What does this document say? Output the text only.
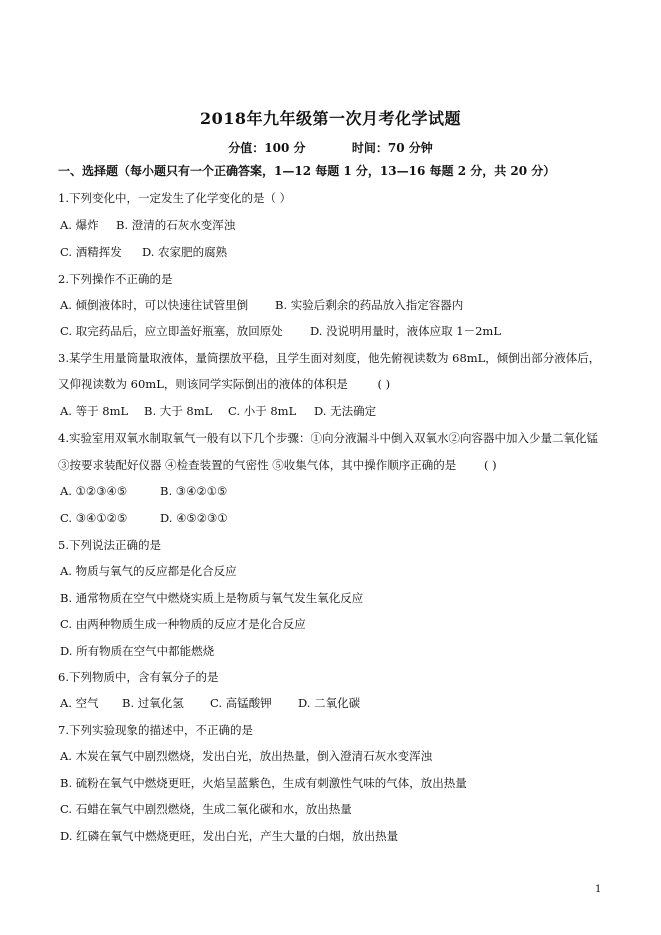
2018年九年级第一次月考化学试题
分值：100 分	时间：70 分钟
一、选择题（每小题只有一个正确答案，1—12 每题 1 分，13—16 每题 2 分，共 20 分）
1.下列变化中，一定发生了化学变化的是（ ）
A. 爆炸 B. 澄清的石灰水变浑浊
C. 酒精挥发 D. 农家肥的腐熟
2.下列操作不正确的是
A. 倾倒液体时，可以快速往试管里倒 B. 实验后剩余的药品放入指定容器内
C. 取完药品后，应立即盖好瓶塞，放回原处 D. 没说明用量时，液体应取 1－2mL
3.某学生用量筒量取液体，量筒摆放平稳，且学生面对刻度，他先俯视读数为 68mL，倾倒出部分液体后，
又仰视读数为 60mL，则该同学实际倒出的液体的体积是	( )
A. 等于 8mL B. 大于 8mL C. 小于 8mL D. 无法确定
4.实验室用双氧水制取氧气一般有以下几个步骤：①向分液漏斗中倒入双氧水②向容器中加入少量二氧化锰
③按要求装配好仪器 ④检查装置的气密性 ⑤收集气体，其中操作顺序正确的是 ( )
A. ①②③④⑤	B. ③④②①⑤
C. ③④①②⑤	D. ④⑤②③①
5.下列说法正确的是
A. 物质与氧气的反应都是化合反应
B. 通常物质在空气中燃烧实质上是物质与氧气发生氧化反应
C. 由两种物质生成一种物质的反应才是化合反应
D. 所有物质在空气中都能燃烧
6.下列物质中，含有氧分子的是
A. 空气 B. 过氧化氢 C. 高锰酸钾 D. 二氧化碳
7.下列实验现象的描述中，不正确的是
A. 木炭在氧气中剧烈燃烧，发出白光，放出热量，倒入澄清石灰水变浑浊
B. 硫粉在氧气中燃烧更旺，火焰呈蓝紫色，生成有刺激性气味的气体，放出热量
C. 石蜡在氧气中剧烈燃烧，生成二氧化碳和水，放出热量
D. 红磷在氧气中燃烧更旺，发出白光，产生大量的白烟，放出热量
1
